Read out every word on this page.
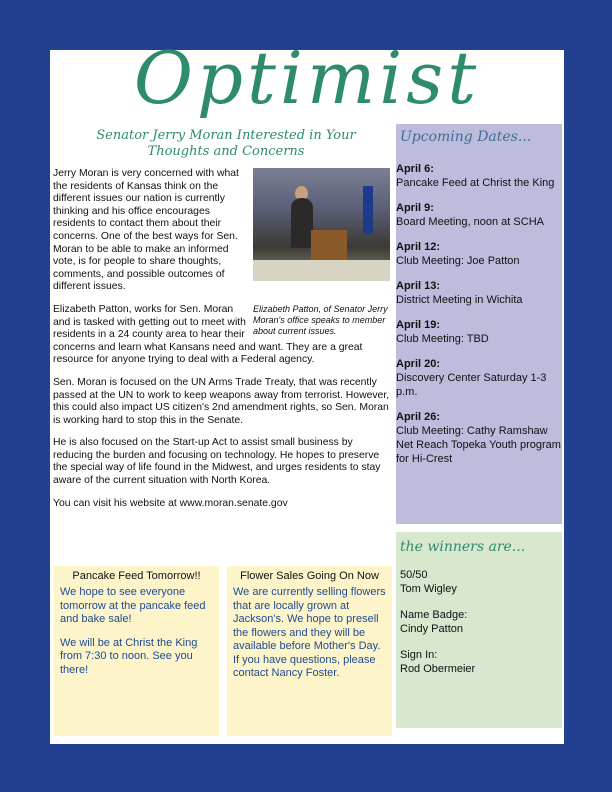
Optimist
Senator Jerry Moran Interested in Your
Thoughts and Concerns

Jerry Moran is very concerned with what the residents of Kansas think on the different issues our nation is currently thinking and his office encourages residents to contact them about their concerns. One of the best ways for Sen. Moran to be able to make an informed vote, is for people to share thoughts, comments, and possible outcomes of different issues.

Elizabeth Patton, of Senator Jerry Moran's office speaks to member about current issues.

Elizabeth Patton, works for Sen. Moran and is tasked with getting out to meet with residents in a 24 county area to hear their concerns and learn what Kansans need and want. They are a great resource for anyone trying to deal with a Federal agency.

Sen. Moran is focused on the UN Arms Trade Treaty, that was recently passed at the UN to work to keep weapons away from terrorist. However, this could also impact US citizen's 2nd amendment rights, so Sen. Moran is working hard to stop this in the Senate.

He is also focused on the Start-up Act to assist small business by reducing the burden and focusing on technology. He hopes to preserve the special way of life found in the Midwest, and urges residents to stay aware of the current situation with North Korea.

You can visit his website at www.moran.senate.gov

Upcoming Dates...
April 6:
Pancake Feed at Christ the King
April 9:
Board Meeting, noon at SCHA
April 12:
Club Meeting: Joe Patton
April 13:
District Meeting in Wichita
April 19:
Club Meeting: TBD
April 20:
Discovery Center Saturday 1-3 p.m.
April 26:
Club Meeting: Cathy Ramshaw Net Reach Topeka Youth program for Hi-Crest
the winners are...
50/50
Tom Wigley
Name Badge:
Cindy Patton
Sign In:
Rod Obermeier
Pancake Feed Tomorrow!!

We hope to see everyone tomorrow at the pancake feed and bake sale!

We will be at Christ the King from 7:30 to noon. See you there!

Flower Sales Going On Now

We are currently selling flowers that are locally grown at Jackson's. We hope to presell the flowers and they will be available before Mother's Day. If you have questions, please contact Nancy Foster.
